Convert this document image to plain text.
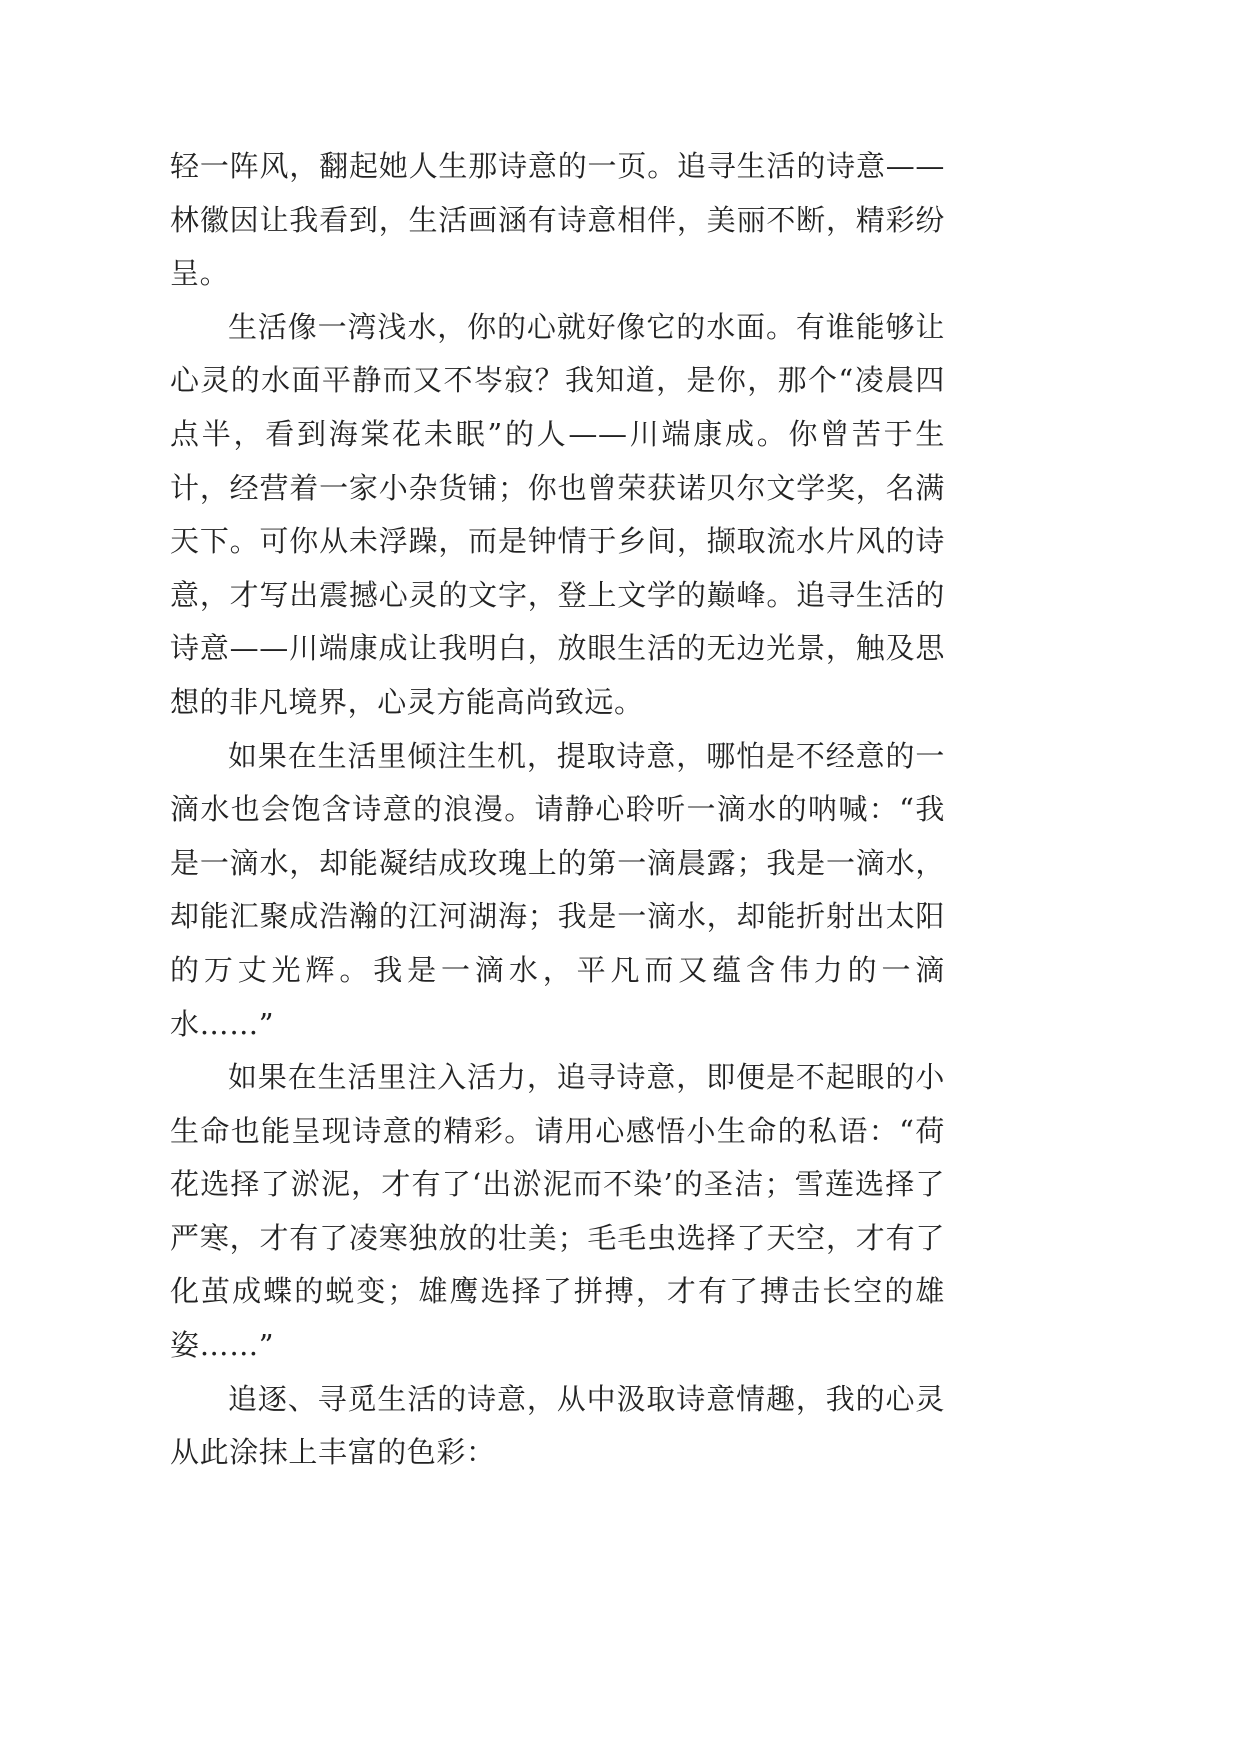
轻一阵风，翻起她人生那诗意的一页。追寻生活的诗意——林徽因让我看到，生活画涵有诗意相伴，美丽不断，精彩纷呈。

生活像一湾浅水，你的心就好像它的水面。有谁能够让心灵的水面平静而又不岑寂？我知道，是你，那个“凌晨四点半，看到海棠花未眠”的人——川端康成。你曾苦于生计，经营着一家小杂货铺；你也曾荣获诺贝尔文学奖，名满天下。可你从未浮躁，而是钟情于乡间，撷取流水片风的诗意，才写出震撼心灵的文字，登上文学的巅峰。追寻生活的诗意——川端康成让我明白，放眼生活的无边光景，触及思想的非凡境界，心灵方能高尚致远。

如果在生活里倾注生机，提取诗意，哪怕是不经意的一滴水也会饱含诗意的浪漫。请静心聆听一滴水的呐喊：“我是一滴水，却能凝结成玫瑰上的第一滴晨露；我是一滴水，却能汇聚成浩瀚的江河湖海；我是一滴水，却能折射出太阳的万丈光辉。我是一滴水，平凡而又蕴含伟力的一滴水……”

如果在生活里注入活力，追寻诗意，即便是不起眼的小生命也能呈现诗意的精彩。请用心感悟小生命的私语：“荷花选择了淤泥，才有了‘出淤泥而不染’的圣洁；雪莲选择了严寒，才有了凌寒独放的壮美；毛毛虫选择了天空，才有了化茧成蝶的蜕变；雄鹰选择了拼搏，才有了搏击长空的雄姿……”

追逐、寻觅生活的诗意，从中汲取诗意情趣，我的心灵从此涂抹上丰富的色彩：
